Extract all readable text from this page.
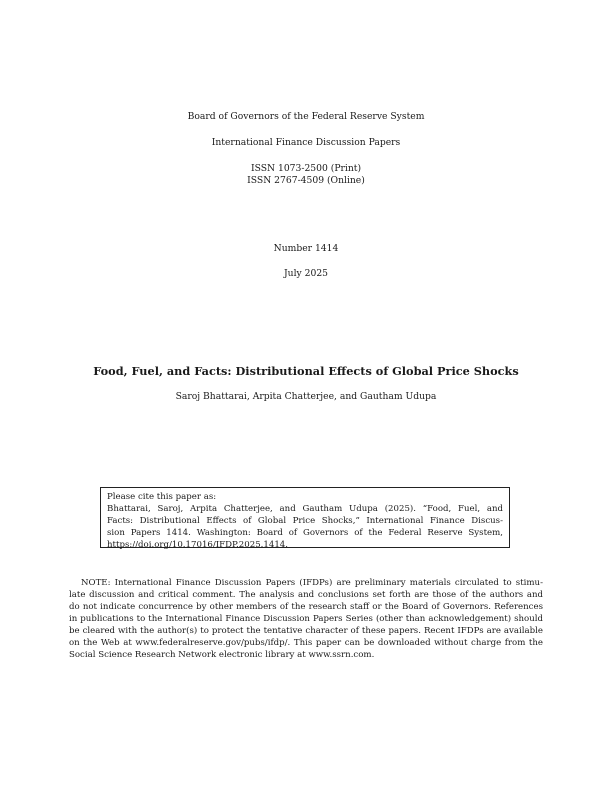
Board of Governors of the Federal Reserve System
International Finance Discussion Papers
ISSN 1073-2500 (Print)
ISSN 2767-4509 (Online)
Number 1414
July 2025
Food, Fuel, and Facts: Distributional Effects of Global Price Shocks
Saroj Bhattarai, Arpita Chatterjee, and Gautham Udupa
Please cite this paper as:
Bhattarai, Saroj, Arpita Chatterjee, and Gautham Udupa (2025). “Food, Fuel, and
Facts: Distributional Effects of Global Price Shocks,” International Finance Discus-
sion Papers 1414. Washington: Board of Governors of the Federal Reserve System,
https://doi.org/10.17016/IFDP.2025.1414.
NOTE: International Finance Discussion Papers (IFDPs) are preliminary materials circulated to stimu-
late discussion and critical comment. The analysis and conclusions set forth are those of the authors and
do not indicate concurrence by other members of the research staff or the Board of Governors. References
in publications to the International Finance Discussion Papers Series (other than acknowledgement) should
be cleared with the author(s) to protect the tentative character of these papers. Recent IFDPs are available
on the Web at www.federalreserve.gov/pubs/ifdp/. This paper can be downloaded without charge from the
Social Science Research Network electronic library at www.ssrn.com.
